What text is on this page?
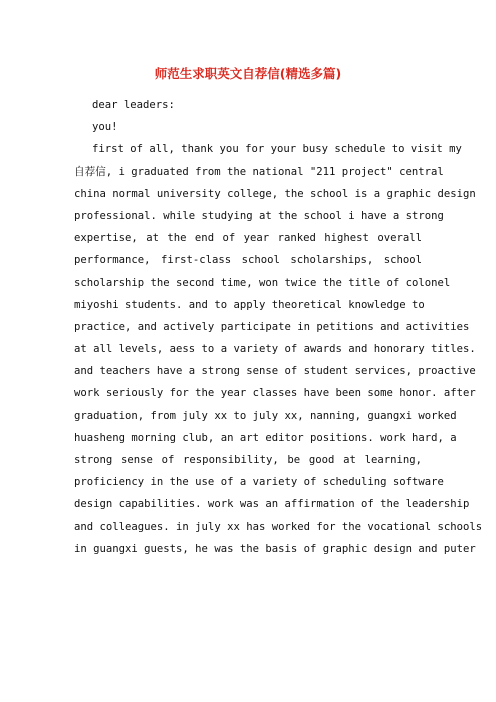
师范生求职英文自荐信(精选多篇)
dear leaders:
you!
first of all, thank you for your busy schedule to visit my
自荐信, i graduated from the national "211 project" central
china normal university college, the school is a graphic design
professional. while studying at the school i have a strong
expertise, at the end of year ranked highest overall
performance, first-class school scholarships, school
scholarship the second time, won twice the title of colonel
miyoshi students. and to apply theoretical knowledge to
practice, and actively participate in petitions and activities
at all levels, aess to a variety of awards and honorary titles.
and teachers have a strong sense of student services, proactive
work seriously for the year classes have been some honor. after
graduation, from july xx to july xx, nanning, guangxi worked
huasheng morning club, an art editor positions. work hard, a
strong sense of responsibility, be good at learning,
proficiency in the use of a variety of scheduling software
design capabilities. work was an affirmation of the leadership
and colleagues. in july xx has worked for the vocational schools
in guangxi guests, he was the basis of graphic design and puter
